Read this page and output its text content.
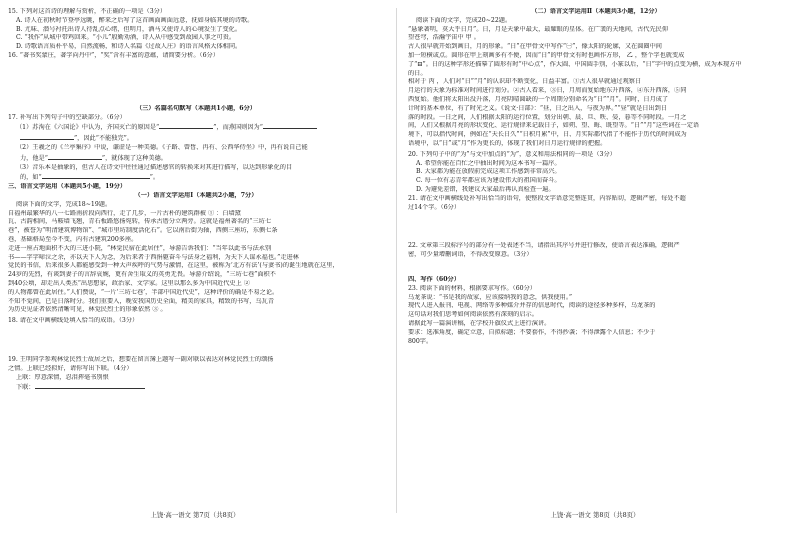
15. 下列对这首诗的理解与赏析，不正确的一项是（3分）
A. 诗人在初秋时节登亭远眺，醉来之后写了这首画面画面远意，抚如身临其境的诗歌。
B. 尤味、潜号衬托出诗人待乱点心绪，但明月，酒马又使诗人的心境发生了变化。
C. “我作”从城中带鸡回来。“小儿”殷勤劝酒，诗人从中感受到故园人事之可贵。
D. 诗歌语言质朴平易，自然流畅，和诗人名篇《过故人庄》的语言风格大体相同。
16. “著书奖蒙庄，著字向丹中”，“奖”含有丰富的意蕴，请简要分析。（6分）
（三）名篇名句默写（本题共1小题，6分）
17. 补写出下列句子中的空缺部分。（6分）
（1）苏洵在《六国论》中认为，齐国灭亡的原因是“	”，而燕国则因为“
”，因此“不能独完”。
（2）王羲之的《兰亭集序》中说，谦虚是一种美德。《子路、曾皙、冉有、公西华侍坐》中，冉有说自己能
力，他是“	”，就体现了这种美德。
（3）音乐本是抽象的，但古人在诗文中往往通过描述感官的转换来对其进行描写，以达到形象化的目
的，如“	”。
三、语言文字运用（本题共5小题，19分）
（一）语言文字运用Ⅰ（本题共2小题，7分）
阅读下面的文字，完成18~19题。
自福州最繁华的八一七路南折段向西行，走了几步，一片古朴的建筑群被 ① ：白墙黛
瓦、古韵相间，马鞍墙飞翘，青石板路悠扬宛转，传承古厝分立两旁。这就是福州著名的“三坊七
巷”，被誉为“明清建筑博物馆”、“城市里坊制度活化石”。它以南后街为轴，西侧三座坊，东侧七条
巷，基础格局至今不变，内有古建筑200多座。
走进一座占地面积不大的三进小院，“林觉民宿在此居住”，导游告诉我们：“当年以此书与法永别
书——字字啼泣之余，亦以天下人为念，为后来者于西捐躯奋斗与法身之福利，为天下人谋永福也。”走进林
觉民的书信，后来很多人都能感受到一种大声疾呼的气势与激情，在这里，被称为‘北方有法’(与妻书)的诞生地就在这里，
24岁的先烈，有谈到妻子的言辞哀婉，更有舍生取义的英勇无畏。导游介绍说，“三坊七巷”面积不
到40公顷，却走出人类杰“出思想家，政治家、文学家。这里以那么多为中国近代史上 ②
的人物都曾在此居住。”人们赞说，“一片‘三坊七巷’，半部中国近代史”，这种评价的确是不易之论。
不知不觉间，已是日落时分。我们重要入，晚安我国历史全面，精美的家具，精致的书写，乌瓦青
为历史见证者依然清晰可见，林觉民烈士的形象依然 ③ 。
18. 请在文中画横线处填入恰当的成语。（3分）
19. 王明同学参观林觉民烈士故居之后，想要在留言簿上题写一副对联以表达对林觉民烈士的颂扬
之情。上联已经拟好，请你写出下联。（4分）
上联：厚意深情，忍泪挥毫书别恨
下联：
（二）语言文字运用Ⅱ（本题共3小题，12分）
阅读下面的文字，完成20~22题。
“悬象著明，莫大乎日月”。日，月是天象中最大，最耀眼的星体。在广袤的天地间，古代先民仰
望苍穹，浩瀚宇宙中 甲 。
古人很早就开始到画日，月的形象。“日”在甲骨文中写作“㊀”，像太阳的轮廓，又在圆圈中间
加一短横或点。圆形在甲上刻画多有不便，因而“日”的甲骨文有时也画作方形， 乙 ，整个字也就变成
了“⊟”。日的这种字形还描摹了圆形有时“中心点”，作大圆、中国圆手别，小篆以后，“日”字中的点变为横，成为本现方中
的日。
相对于 丙 ，人们对“日”“月”的认识却不断变化，日益丰富。①古人很早就通过观察日
月运行的天象为标准对时间进行划分。②古人看来，③日，月周而复始地东升西落，④东升西落，⑤同
西复始。他们将太阳出没升落，月亮阴晴圆缺的一个周期分别命名为“日”“月”。同时，日月成了
计时的基本单位，有了时光之义。《说文·日部》：“昼，日之出入，与夜为界。”“昼”就是日出到日
落的时段。一日之间，人们根据太阳的运行位置，划分出朝、晨、旦、昳、晏，暮等不同时段。一月之
间，人们又根据月亮的形状变化、运行规律来记载日子，如朔、望、晦、既望等。“日”“月”这些词在一定语
境下，可以指代时间，例如在“天长日久”“日积月累”中，日、月实际都代指了不能作于历代的时间成为
语境中，以“日”或“月”作为更长的，体现了我们对日月运行规律的把握。
20. 下列句子中的“为”与文中加点的“为”，意义和用法相同的一项是（3分）
A. 希望你能在百忙之中抽出时间为这本书写一篇序。
B. 大家都为能在放假前完成这项工作感到非常高兴。
C. 每一位有志青年都应该为建设伟大的祖国而奋斗。
D. 为避免差错，我建议大家最后再认真检查一遍。
21. 请在文中画横线处补写出恰当的语句，使整段文字语意完整连贯，内容贴切，逻辑严密，每处不超
过14个字。（6分）
22. 文章第三段标序号的部分有一处表述不当，请指出其序号并进行修改，使语言表达准确，逻辑严
密，可少量增删词语，不得改变原意。（3分）
四、写作（60分）
23. 阅读下面的材料，根据要求写作。（60分）
乌龙茶说：“书是我的故家，应该接纳我的意念，供我使用。”
现代人进入报刊、电视、网络等多种媒介并存的信息时代，阅读的途径多种多样，乌龙茶的
这句话对我们思考如何阅读依然有深刻的启示。
请据此写一篇演讲稿，在学校升旗仪式上进行演讲。
要求：选准角度，确定立意，自拟标题；不要套作，不得抄袭；不得泄露个人信息；不少于
800字。
上饶·高一语文 第7页（共8页）	上饶·高一语文 第8页（共8页）
